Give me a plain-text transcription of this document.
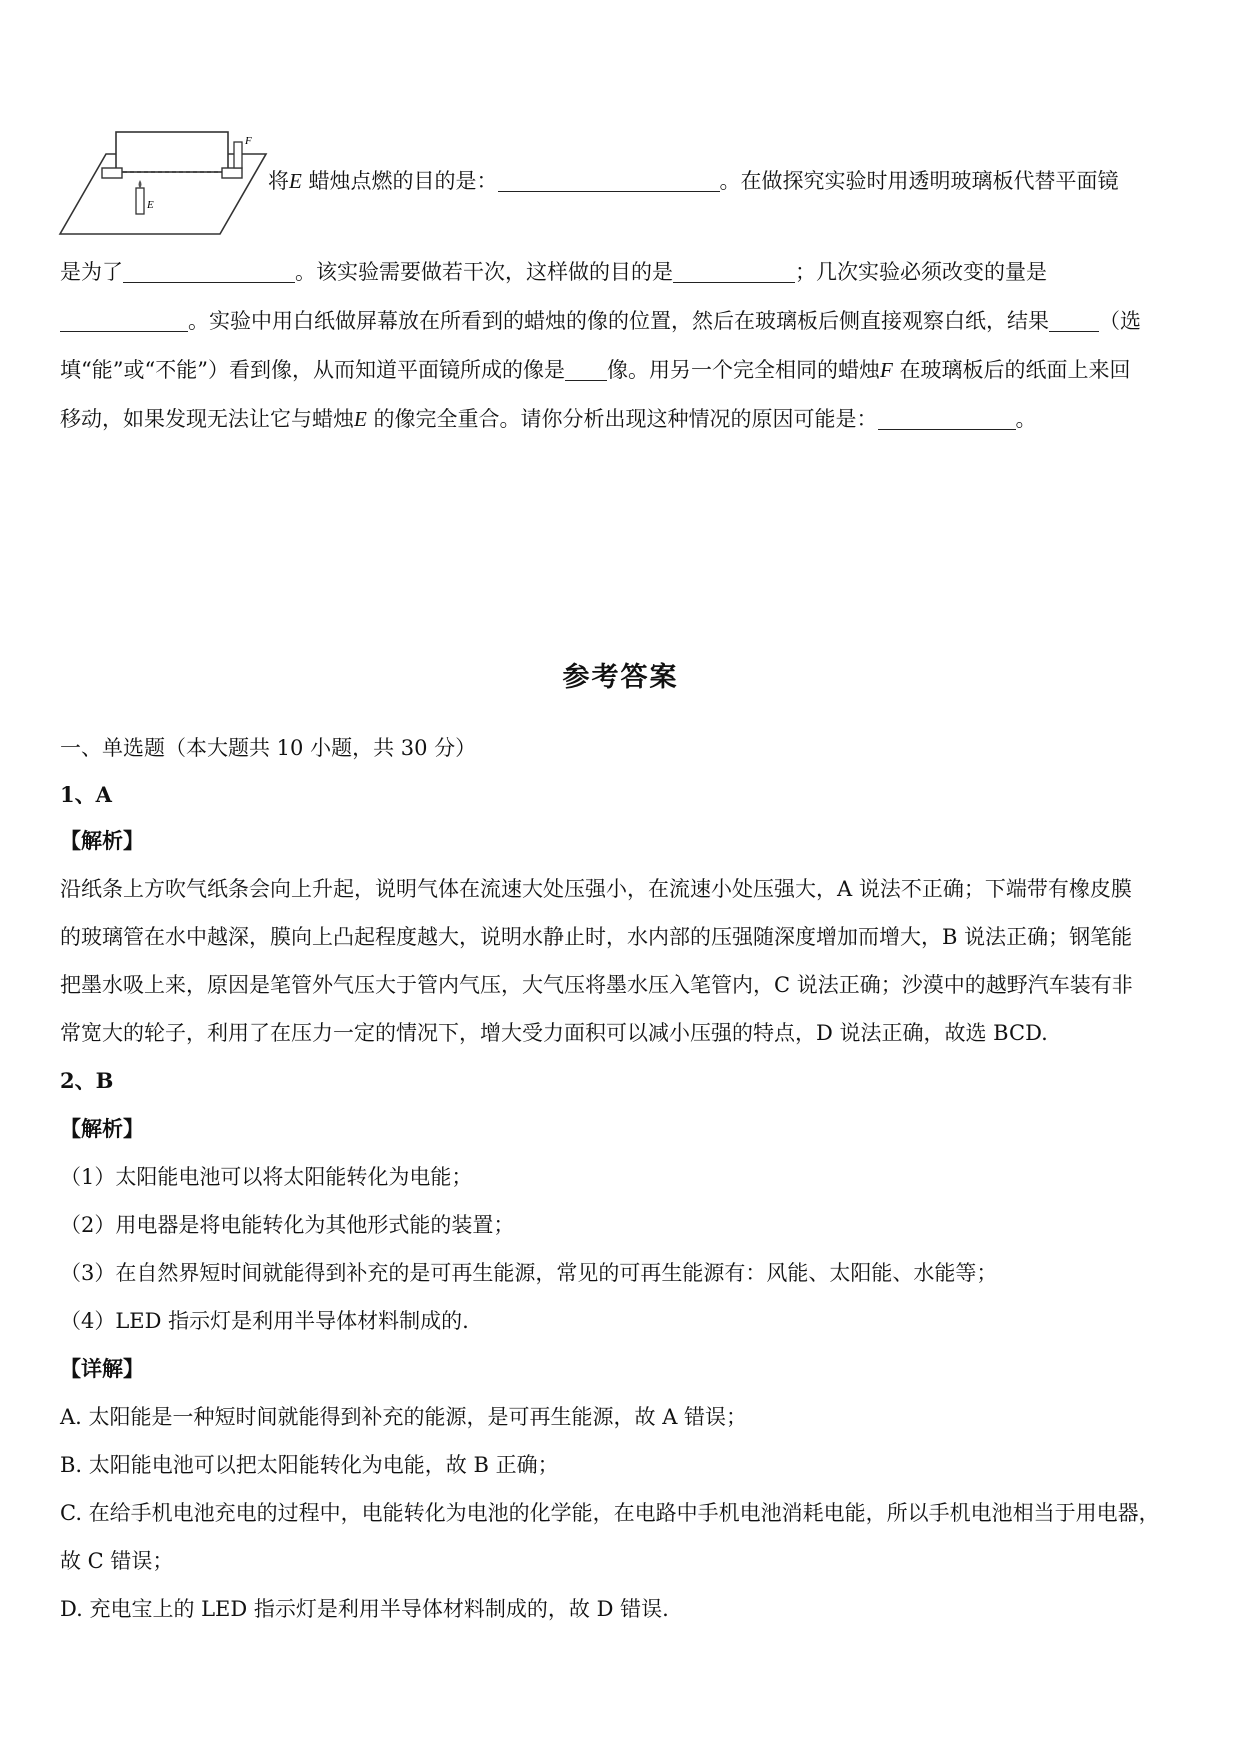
F
E
将E 蜡烛点燃的目的是：	。在做探究实验时用透明玻璃板代替平面镜
是为了	。该实验需要做若干次，这样做的目的是	；几次实验必须改变的量是
。实验中用白纸做屏幕放在所看到的蜡烛的像的位置，然后在玻璃板后侧直接观察白纸，结果 （选
填“能”或“不能”）看到像，从而知道平面镜所成的像是 像。用另一个完全相同的蜡烛F 在玻璃板后的纸面上来回
移动，如果发现无法让它与蜡烛E 的像完全重合。请你分析出现这种情况的原因可能是：	。
参考答案
一、单选题（本大题共 10 小题，共 30 分）
1、A
【解析】
沿纸条上方吹气纸条会向上升起，说明气体在流速大处压强小，在流速小处压强大，A 说法不正确；下端带有橡皮膜
的玻璃管在水中越深，膜向上凸起程度越大，说明水静止时，水内部的压强随深度增加而增大，B 说法正确；钢笔能
把墨水吸上来，原因是笔管外气压大于管内气压，大气压将墨水压入笔管内，C 说法正确；沙漠中的越野汽车装有非
常宽大的轮子，利用了在压力一定的情况下，增大受力面积可以减小压强的特点，D 说法正确，故选 BCD.
2、B
【解析】
（1）太阳能电池可以将太阳能转化为电能；
（2）用电器是将电能转化为其他形式能的装置；
（3）在自然界短时间就能得到补充的是可再生能源，常见的可再生能源有：风能、太阳能、水能等；
（4）LED 指示灯是利用半导体材料制成的.
【详解】
A. 太阳能是一种短时间就能得到补充的能源，是可再生能源，故 A 错误；
B. 太阳能电池可以把太阳能转化为电能，故 B 正确；
C. 在给手机电池充电的过程中，电能转化为电池的化学能，在电路中手机电池消耗电能，所以手机电池相当于用电器，
故 C 错误；
D. 充电宝上的 LED 指示灯是利用半导体材料制成的，故 D 错误.
